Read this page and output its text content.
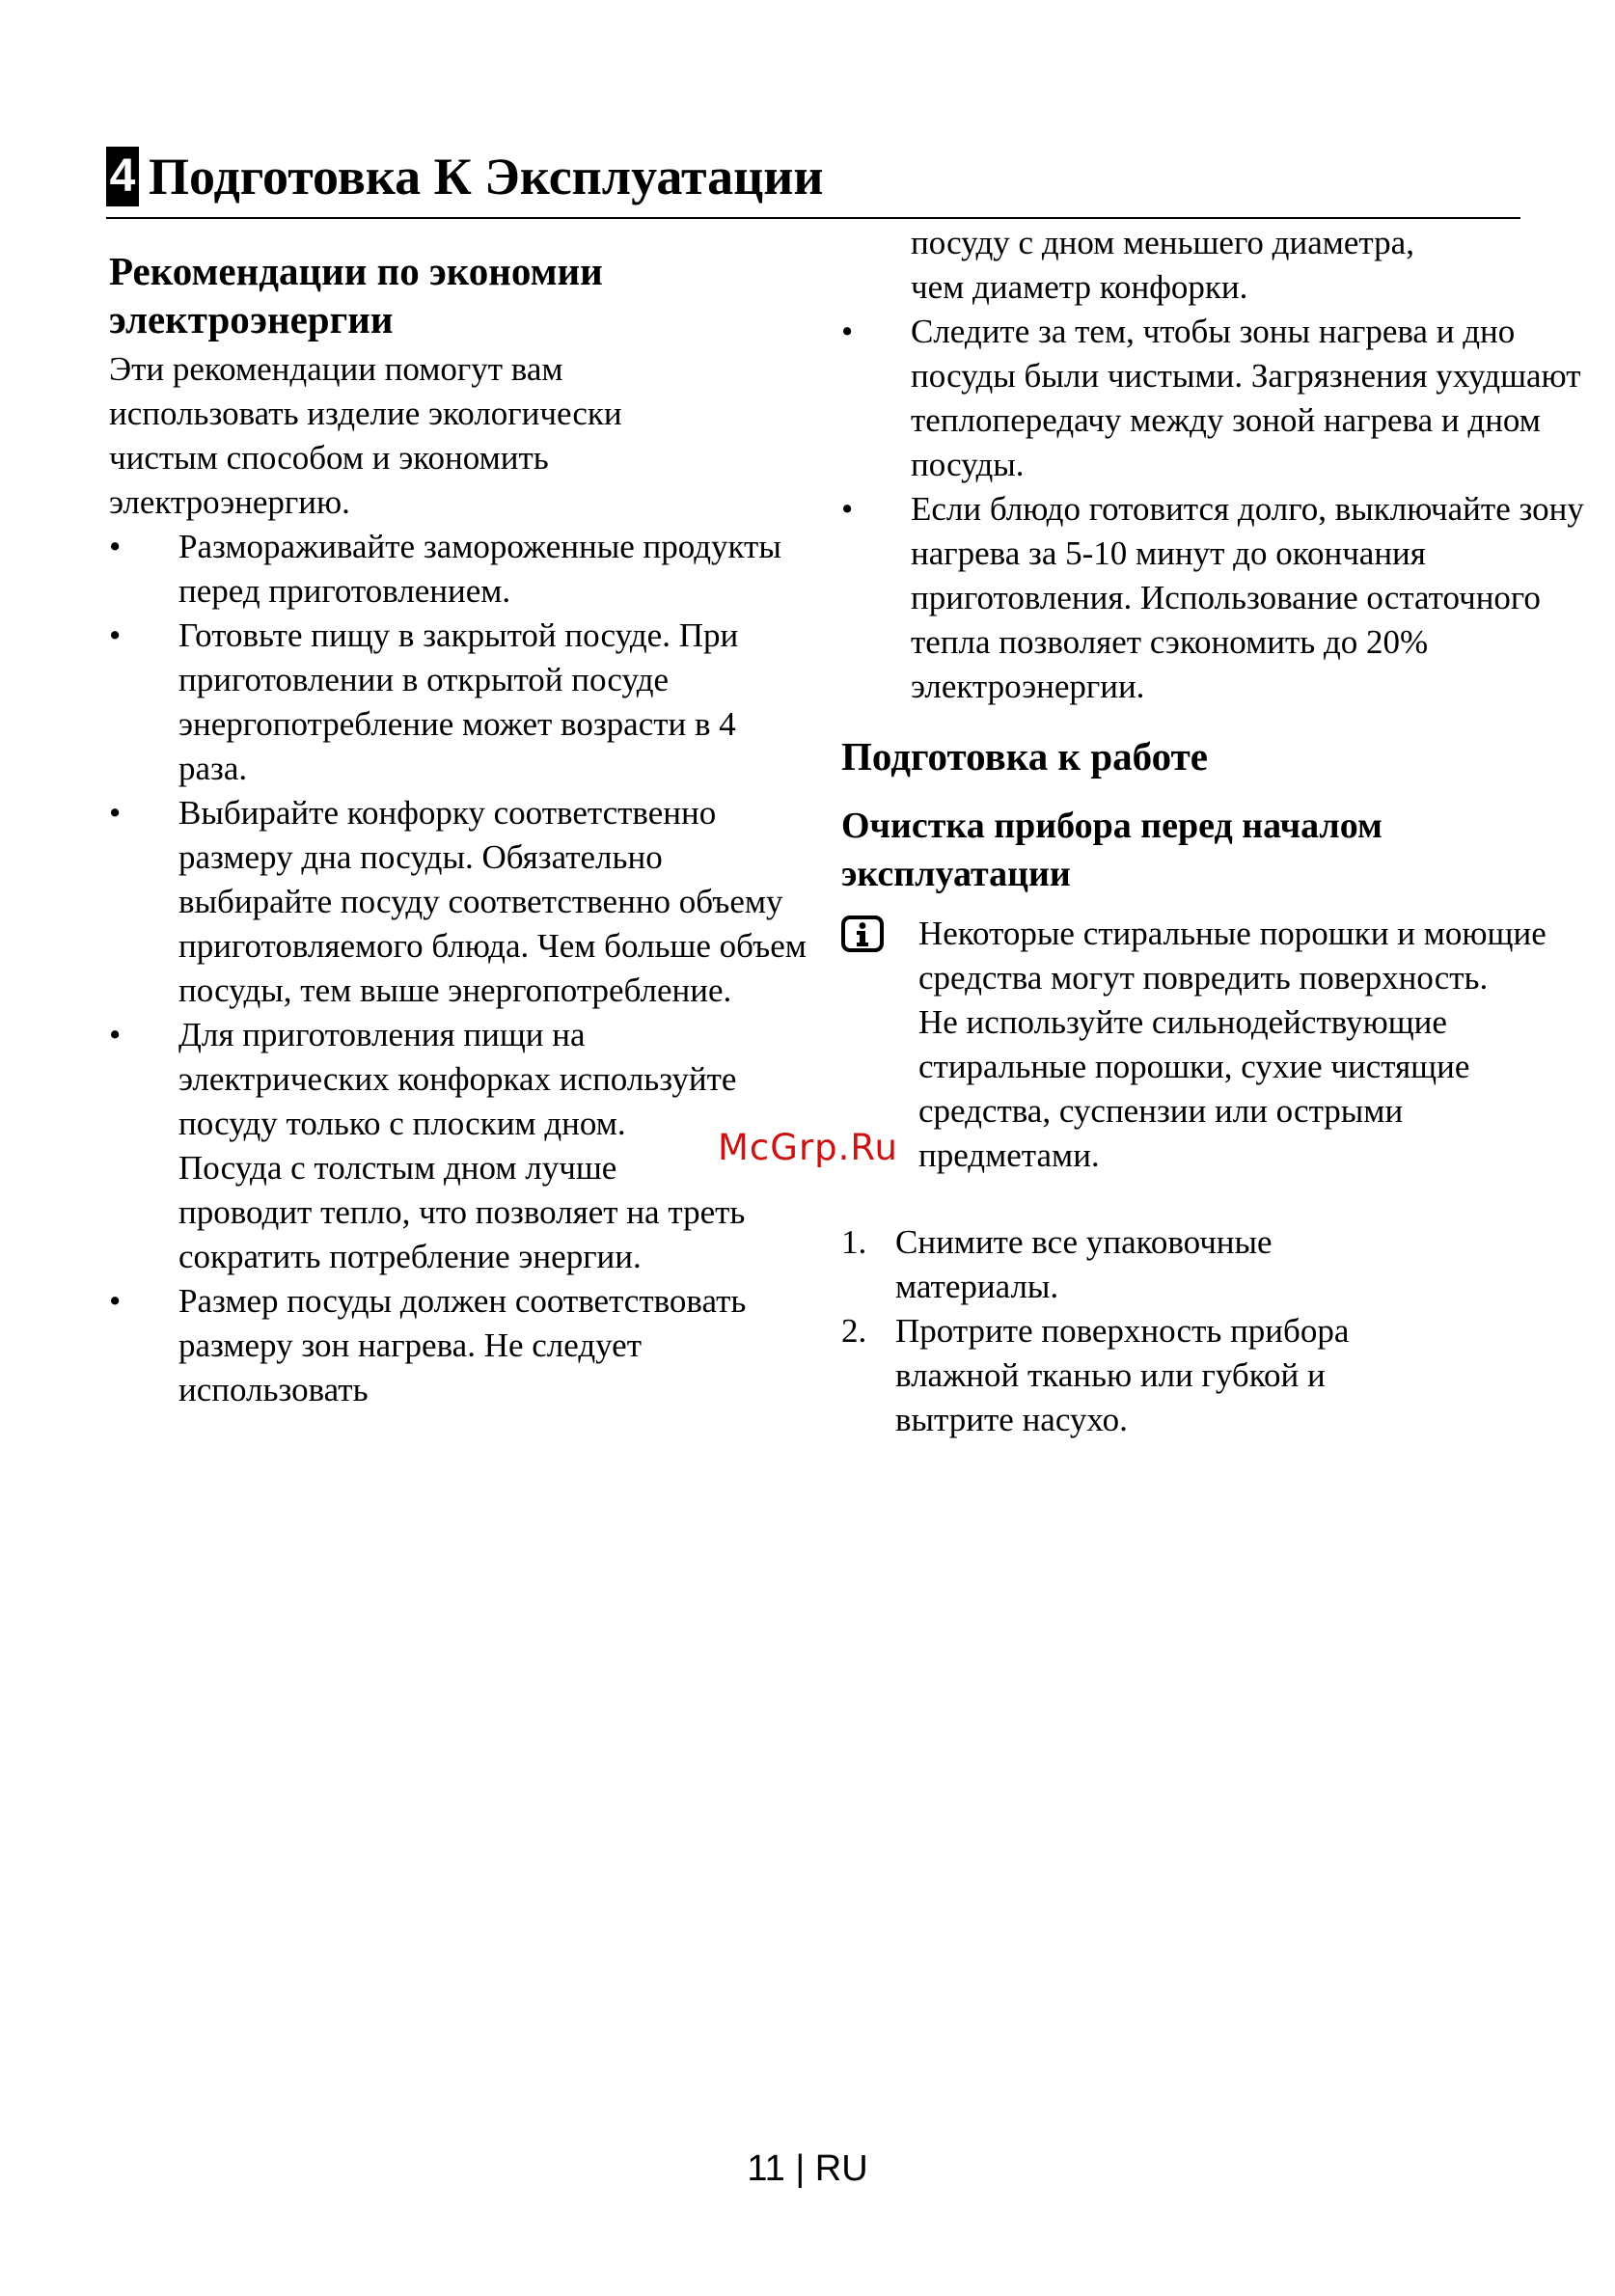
4 Подготовка К Эксплуатации
Рекомендации по экономии электроэнергии

Эти рекомендации помогут вам использовать изделие экологически чистым способом и экономить электроэнергию.

• Размораживайте замороженные продукты перед приготовлением.
• Готовьте пищу в закрытой посуде. При приготовлении в открытой посуде энергопотребление может возрасти в 4 раза.
• Выбирайте конфорку соответственно размеру дна посуды. Обязательно выбирайте посуду соответственно объему приготовляемого блюда. Чем больше объем посуды, тем выше энергопотребление.
• Для приготовления пищи на электрических конфорках используйте посуду только с плоским дном.
Посуда с толстым дном лучше проводит тепло, что позволяет на треть сократить потребление энергии.
• Размер посуды должен соответствовать размеру зон нагрева. Не следует использовать

посуду с дном меньшего диаметра, чем диаметр конфорки.

• Следите за тем, чтобы зоны нагрева и дно посуды были чистыми. Загрязнения ухудшают теплопередачу между зоной нагрева и дном посуды.
• Если блюдо готовится долго, выключайте зону нагрева за 5-10 минут до окончания приготовления. Использование остаточного тепла позволяет сэкономить до 20% электроэнергии.
Подготовка к работе
Очистка прибора перед началом эксплуатации

Некоторые стиральные порошки и моющие средства могут повредить поверхность.

Не используйте сильнодействующие стиральные порошки, сухие чистящие средства, суспензии или острыми предметами.

1. Снимите все упаковочные материалы.
2. Протрите поверхность прибора влажной тканью или губкой и вытрите насухо.
McGrp.Ru
11 | RU
